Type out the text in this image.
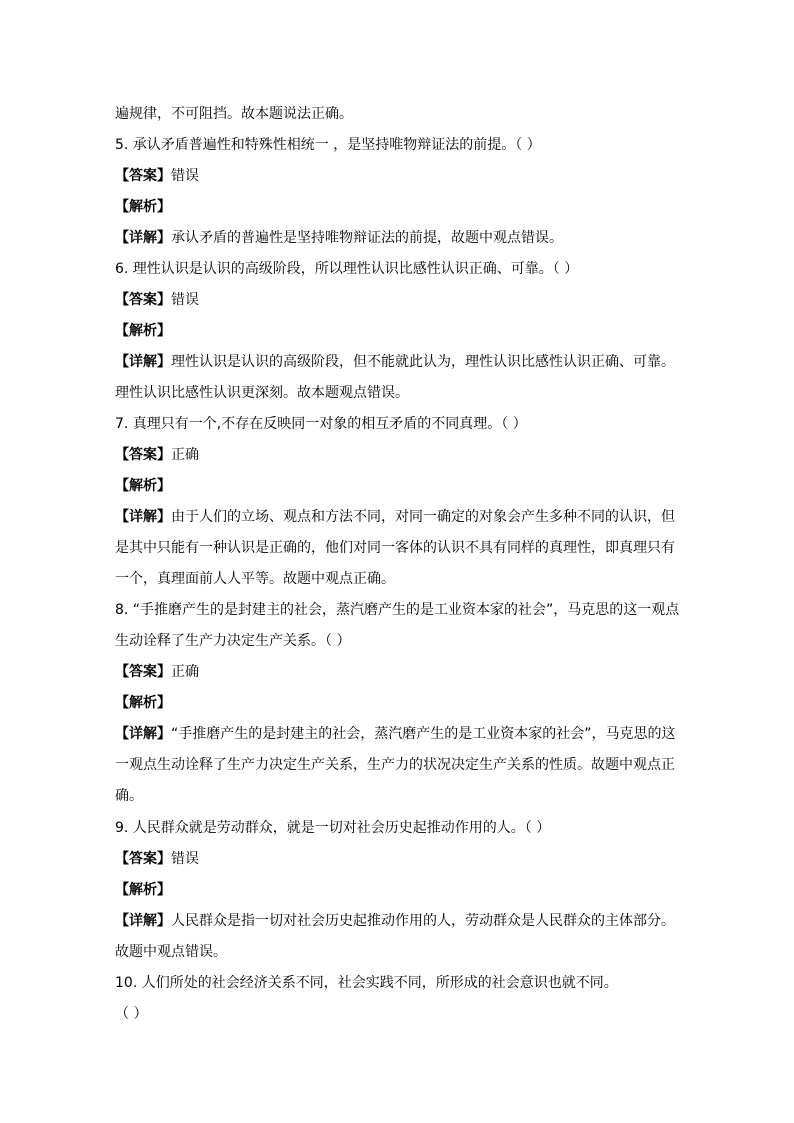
遍规律，不可阻挡。故本题说法正确。
5. 承认矛盾普遍性和特殊性相统一 ，是坚持唯物辩证法的前提。（ ）
【答案】错误
【解析】
【详解】承认矛盾的普遍性是坚持唯物辩证法的前提，故题中观点错误。
6. 理性认识是认识的高级阶段，所以理性认识比感性认识正确、可靠。（ ）
【答案】错误
【解析】
【详解】理性认识是认识的高级阶段，但不能就此认为，理性认识比感性认识正确、可靠。
理性认识比感性认识更深刻。故本题观点错误。
7. 真理只有一个,不存在反映同一对象的相互矛盾的不同真理。（ ）
【答案】正确
【解析】
【详解】由于人们的立场、观点和方法不同，对同一确定的对象会产生多种不同的认识，但
是其中只能有一种认识是正确的，他们对同一客体的认识不具有同样的真理性，即真理只有
一个，真理面前人人平等。故题中观点正确。
8. “手推磨产生的是封建主的社会，蒸汽磨产生的是工业资本家的社会”，马克思的这一观点
生动诠释了生产力决定生产关系。（ ）
【答案】正确
【解析】
【详解】“手推磨产生的是封建主的社会，蒸汽磨产生的是工业资本家的社会”，马克思的这
一观点生动诠释了生产力决定生产关系，生产力的状况决定生产关系的性质。故题中观点正
确。
9. 人民群众就是劳动群众，就是一切对社会历史起推动作用的人。（ ）
【答案】错误
【解析】
【详解】人民群众是指一切对社会历史起推动作用的人，劳动群众是人民群众的主体部分。
故题中观点错误。
10. 人们所处的社会经济关系不同，社会实践不同，所形成的社会意识也就不同。
（ ）
